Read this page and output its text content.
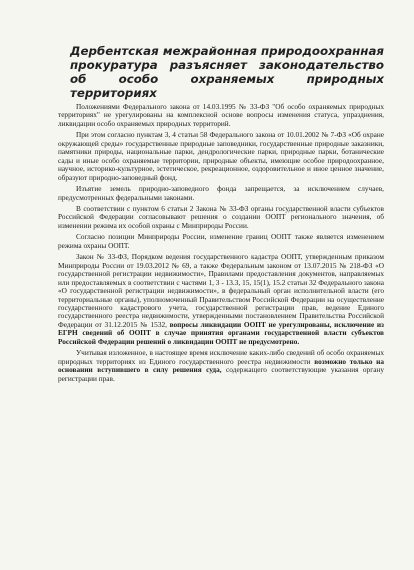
Дербентская межрайонная природоохранная прокуратура разъясняет законодательство об особо охраняемых природных территориях

Положениями Федерального закона от 14.03.1995 № 33-ФЗ "Об особо охраняемых природных территориях" не урегулированы на комплексной основе вопросы изменения статуса, упразднения, ликвидации особо охраняемых природных территорий.

При этом согласно пунктам 3, 4 статьи 58 Федерального закона от 10.01.2002 № 7-ФЗ «Об охране окружающей среды» государственные природные заповедники, государственные природные заказники, памятники природы, национальные парки, дендрологические парки, природные парки, ботанические сады и иные особо охраняемые территории, природные объекты, имеющие особое природоохранное, научное, историко-культурное, эстетическое, рекреационное, оздоровительное и иное ценное значение, образуют природно-заповедный фонд.

Изъятие земель природно-заповедного фонда запрещается, за исключением случаев, предусмотренных федеральными законами.

В соответствии с пунктом 6 статьи 2 Закона № 33-ФЗ органы государственной власти субъектов Российской Федерации согласовывают решения о создании ООПТ регионального значения, об изменении режима их особой охраны с Минприроды России.

Согласно позиции Минприроды России, изменение границ ООПТ также является изменением режима охраны ООПТ.

Закон № 33-ФЗ, Порядком ведения государственного кадастра ООПТ, утвержденным приказом Минприроды России от 19.03.2012 № 69, а также Федеральным законом от 13.07.2015 № 218-ФЗ «О государственной регистрации недвижимости», Правилами предоставления документов, направляемых или предоставляемых в соответствии с частями 1, 3 - 13.3, 15, 15(1), 15.2 статьи 32 Федерального закона «О государственной регистрации недвижимости», в федеральный орган исполнительной власти (его территориальные органы), уполномоченный Правительством Российской Федерации на осуществление государственного кадастрового учета, государственной регистрации прав, ведение Единого государственного реестра недвижимости, утвержденными постановлением Правительства Российской Федерации от 31.12.2015 № 1532, вопросы ликвидации ООПТ не урегулированы, исключение из ЕГРН сведений об ООПТ в случае принятия органами государственной власти субъектов Российской Федерации решений о ликвидации ООПТ не предусмотрено.

Учитывая изложенное, в настоящее время исключение каких-либо сведений об особо охраняемых природных территориях из Единого государственного реестра недвижимости возможно только на основании вступившего в силу решения суда, содержащего соответствующие указания органу регистрации прав.
